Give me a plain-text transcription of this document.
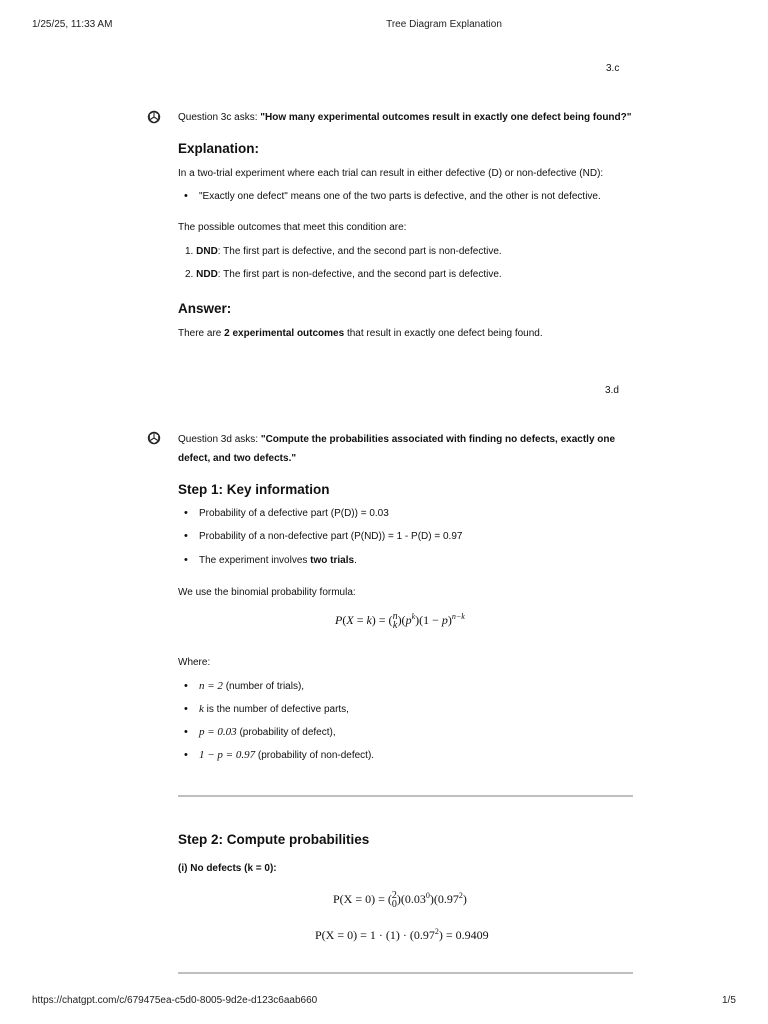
1/25/25, 11:33 AM	Tree Diagram Explanation
3.c
Question 3c asks: "How many experimental outcomes result in exactly one defect being found?"
Explanation:
In a two-trial experiment where each trial can result in either defective (D) or non-defective (ND):
• "Exactly one defect" means one of the two parts is defective, and the other is not defective.
The possible outcomes that meet this condition are:
1. DND: The first part is defective, and the second part is non-defective.
2. NDD: The first part is non-defective, and the second part is defective.
Answer:
There are 2 experimental outcomes that result in exactly one defect being found.
3.d
Question 3d asks: "Compute the probabilities associated with finding no defects, exactly one
defect, and two defects."
Step 1: Key information
• Probability of a defective part (P(D)) = 0.03
• Probability of a non-defective part (P(ND)) = 1 - P(D) = 0.97
• The experiment involves two trials.
We use the binomial probability formula:
P(X = k) = (n
$k)(p^k)(1 - p)^{n-k}$
Where:
• n = 2 (number of trials),
• k is the number of defective parts,
• p = 0.03 (probability of defect),
• 1 − p = 0.97 (probability of non-defect).
Step 2: Compute probabilities
(i) No defects (k = 0):
P(X = 0) = (2
0)(0.03$^0$)(0.97$^2$)
$P(X = 0) = 1 \cdot (1) \cdot (0.97^2) = 0.9409$
https://chatgpt.com/c/679475ea-c5d0-8005-9d2e-d123c6aab660	1/5
